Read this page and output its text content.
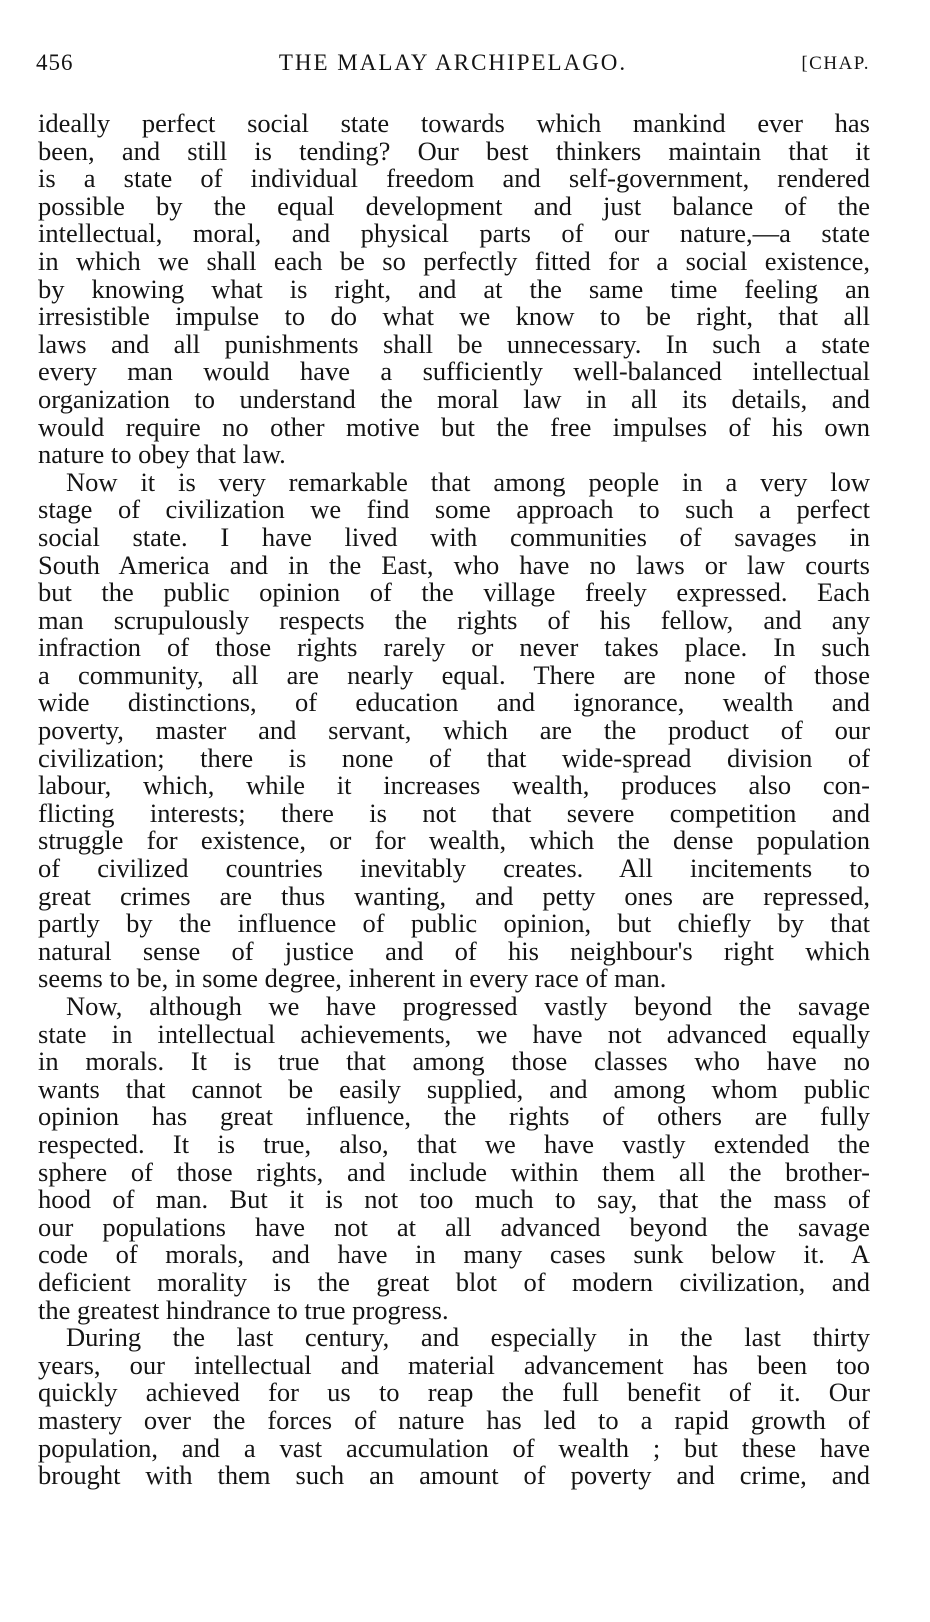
456	THE MALAY ARCHIPELAGO.	[CHAP.
ideally perfect social state towards which mankind ever has
been, and still is tending? Our best thinkers maintain that it
is a state of individual freedom and self-government, rendered
possible by the equal development and just balance of the
intellectual, moral, and physical parts of our nature,—a state
in which we shall each be so perfectly fitted for a social existence,
by knowing what is right, and at the same time feeling an
irresistible impulse to do what we know to be right, that all
laws and all punishments shall be unnecessary. In such a state
every man would have a sufficiently well-balanced intellectual
organization to understand the moral law in all its details, and
would require no other motive but the free impulses of his own
nature to obey that law.
Now it is very remarkable that among people in a very low
stage of civilization we find some approach to such a perfect
social state. I have lived with communities of savages in
South America and in the East, who have no laws or law courts
but the public opinion of the village freely expressed. Each
man scrupulously respects the rights of his fellow, and any
infraction of those rights rarely or never takes place. In such
a community, all are nearly equal. There are none of those
wide distinctions, of education and ignorance, wealth and
poverty, master and servant, which are the product of our
civilization; there is none of that wide-spread division of
labour, which, while it increases wealth, produces also con-
flicting interests; there is not that severe competition and
struggle for existence, or for wealth, which the dense population
of civilized countries inevitably creates. All incitements to
great crimes are thus wanting, and petty ones are repressed,
partly by the influence of public opinion, but chiefly by that
natural sense of justice and of his neighbour's right which
seems to be, in some degree, inherent in every race of man.
Now, although we have progressed vastly beyond the savage
state in intellectual achievements, we have not advanced equally
in morals. It is true that among those classes who have no
wants that cannot be easily supplied, and among whom public
opinion has great influence, the rights of others are fully
respected. It is true, also, that we have vastly extended the
sphere of those rights, and include within them all the brother-
hood of man. But it is not too much to say, that the mass of
our populations have not at all advanced beyond the savage
code of morals, and have in many cases sunk below it. A
deficient morality is the great blot of modern civilization, and
the greatest hindrance to true progress.
During the last century, and especially in the last thirty
years, our intellectual and material advancement has been too
quickly achieved for us to reap the full benefit of it. Our
mastery over the forces of nature has led to a rapid growth of
population, and a vast accumulation of wealth ; but these have
brought with them such an amount of poverty and crime, and
